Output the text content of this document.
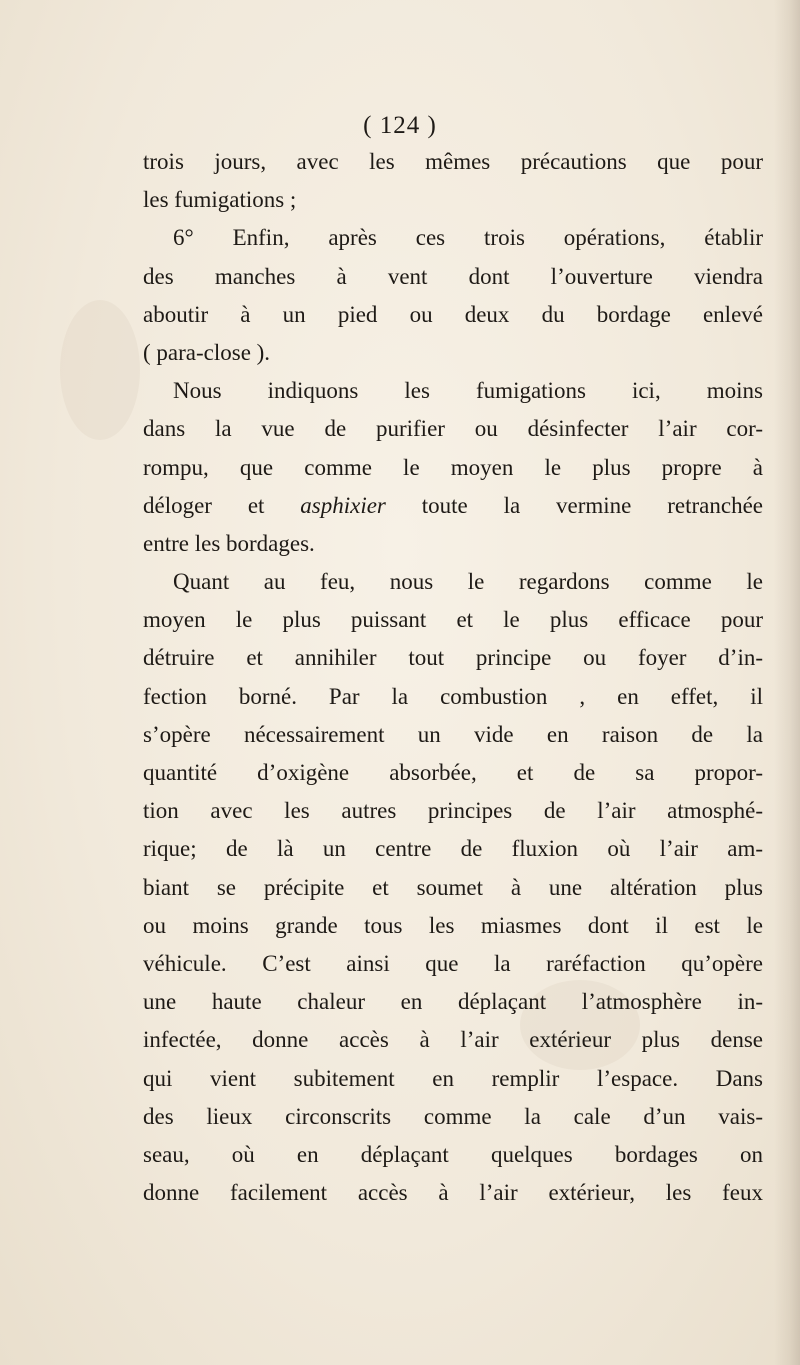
( 124 )
trois jours, avec les mêmes précautions que pour
les fumigations ;
6° Enfin, après ces trois opérations, établir
des manches à vent dont l’ouverture viendra
aboutir à un pied ou deux du bordage enlevé
( para-close ).
Nous indiquons les fumigations ici, moins
dans la vue de purifier ou désinfecter l’air cor-
rompu, que comme le moyen le plus propre à
déloger et asphixier toute la vermine retranchée
entre les bordages.
Quant au feu, nous le regardons comme le
moyen le plus puissant et le plus efficace pour
détruire et annihiler tout principe ou foyer d’in-
fection borné. Par la combustion , en effet, il
s’opère nécessairement un vide en raison de la
quantité d’oxigène absorbée, et de sa propor-
tion avec les autres principes de l’air atmosphé-
rique; de là un centre de fluxion où l’air am-
biant se précipite et soumet à une altération plus
ou moins grande tous les miasmes dont il est le
véhicule. C’est ainsi que la raréfaction qu’opère
une haute chaleur en déplaçant l’atmosphère in-
infectée, donne accès à l’air extérieur plus dense
qui vient subitement en remplir l’espace. Dans
des lieux circonscrits comme la cale d’un vais-
seau, où en déplaçant quelques bordages on
donne facilement accès à l’air extérieur, les feux
